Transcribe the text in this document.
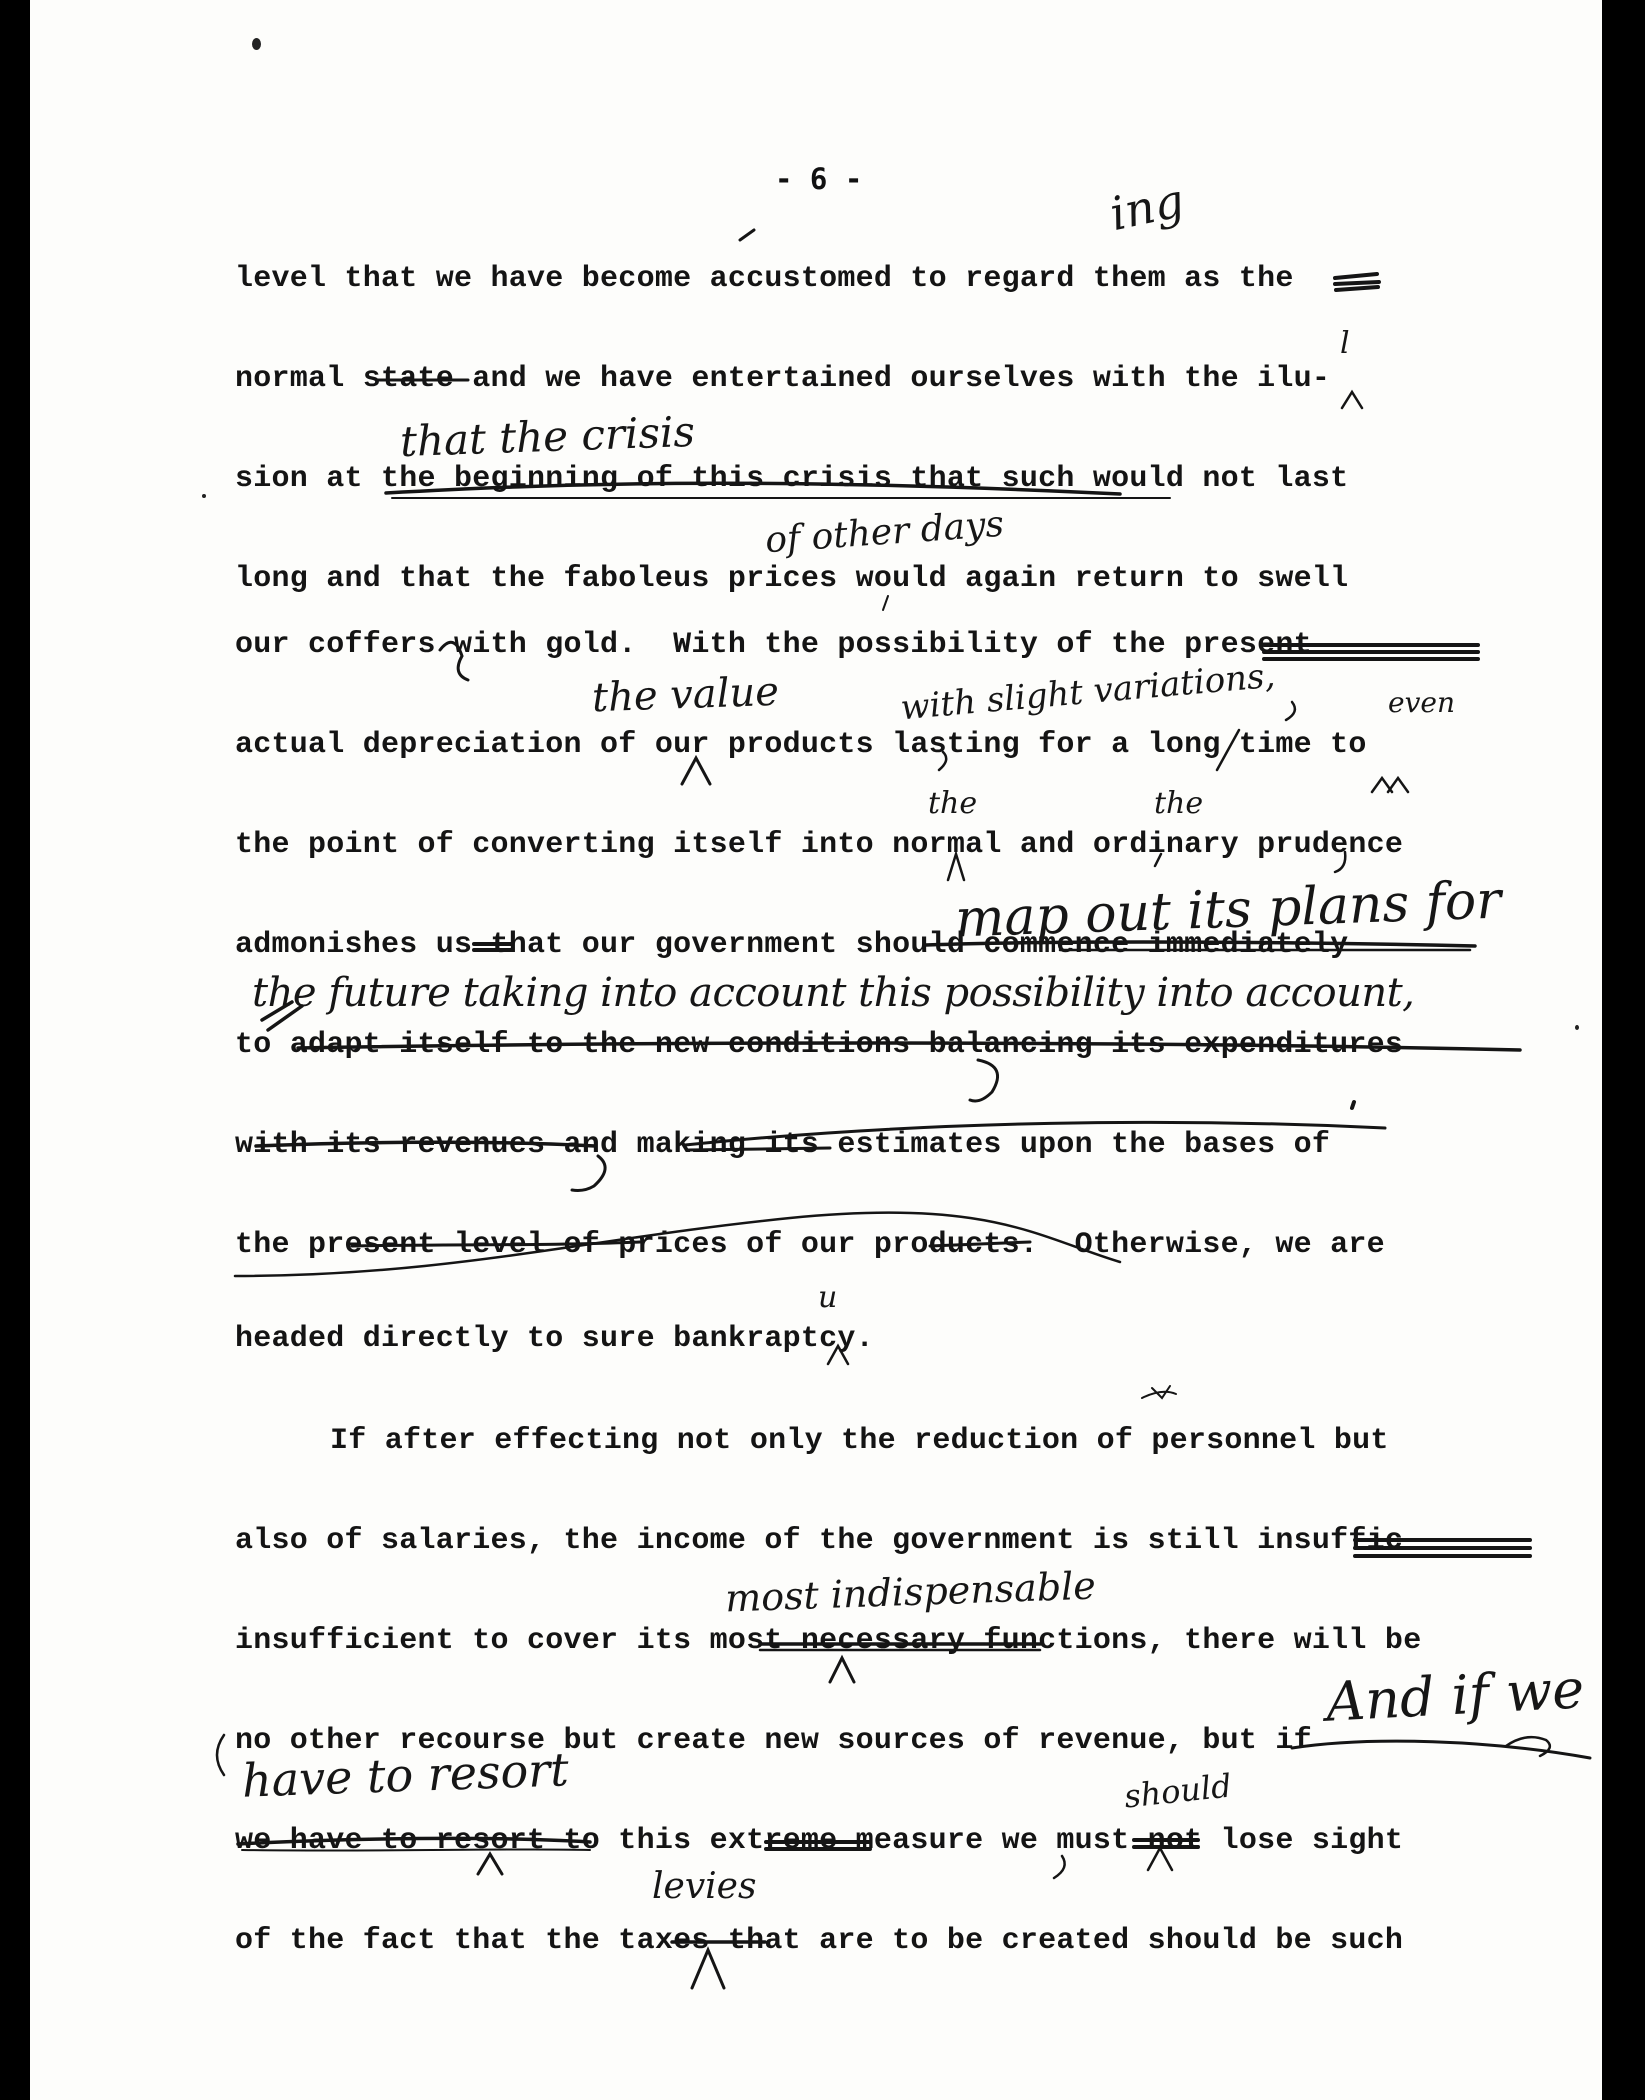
- 6 -
level that we have become accustomed to regard them as the
normal state and we have entertained ourselves with the ilu-
sion at the beginning of this crisis that such would not last
long and that the faboleus prices would again return to swell
our coffers with gold.  With the possibility of the present
actual depreciation of our products lasting for a long time to
the point of converting itself into normal and ordinary prudence
admonishes us that our government should commence immediately
to adapt itself to the new conditions balancing its expenditures
with its revenues and making its estimates upon the bases of
the present level of prices of our products.  Otherwise, we are
headed directly to sure bankraptcy.
If after effecting not only the reduction of personnel but
also of salaries, the income of the government is still insuffic
insufficient to cover its most necessary functions, there will be
no other recourse but create new sources of revenue, but if
we have to resort to this extreme measure we must not lose sight
of the fact that the taxes that are to be created should be such
ing
l
that the crisis
of other days
the value	with slight variations,	even
the	the
map out its plans for
the future taking into account this possibility into account,
And if we
have to resort	should
most indispensable
levies
u
